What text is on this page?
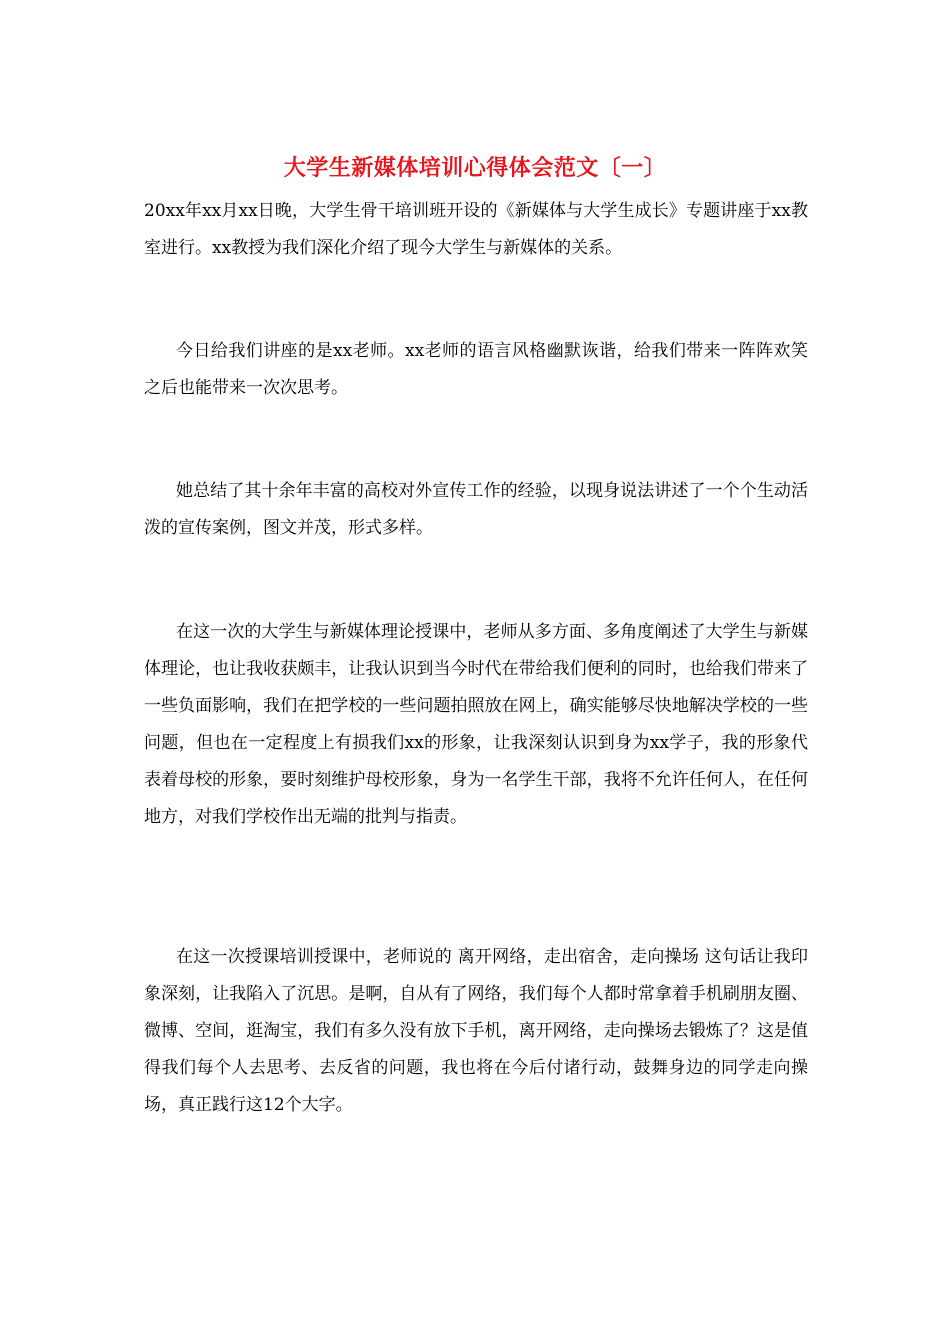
大学生新媒体培训心得体会范文〔一〕

20xx年xx月xx日晚，大学生骨干培训班开设的《新媒体与大学生成长》专题讲座于xx教室进行。xx教授为我们深化介绍了现今大学生与新媒体的关系。

今日给我们讲座的是xx老师。xx老师的语言风格幽默诙谐，给我们带来一阵阵欢笑之后也能带来一次次思考。

她总结了其十余年丰富的高校对外宣传工作的经验，以现身说法讲述了一个个生动活泼的宣传案例，图文并茂，形式多样。

在这一次的大学生与新媒体理论授课中，老师从多方面、多角度阐述了大学生与新媒体理论，也让我收获颇丰，让我认识到当今时代在带给我们便利的同时，也给我们带来了一些负面影响，我们在把学校的一些问题拍照放在网上，确实能够尽快地解决学校的一些问题，但也在一定程度上有损我们xx的形象，让我深刻认识到身为xx学子，我的形象代表着母校的形象，要时刻维护母校形象，身为一名学生干部，我将不允许任何人，在任何地方，对我们学校作出无端的批判与指责。

在这一次授课培训授课中，老师说的 离开网络，走出宿舍，走向操场 这句话让我印象深刻，让我陷入了沉思。是啊，自从有了网络，我们每个人都时常拿着手机刷朋友圈、微博、空间，逛淘宝，我们有多久没有放下手机，离开网络，走向操场去锻炼了？这是值得我们每个人去思考、去反省的问题，我也将在今后付诸行动，鼓舞身边的同学走向操场，真正践行这12个大字。
